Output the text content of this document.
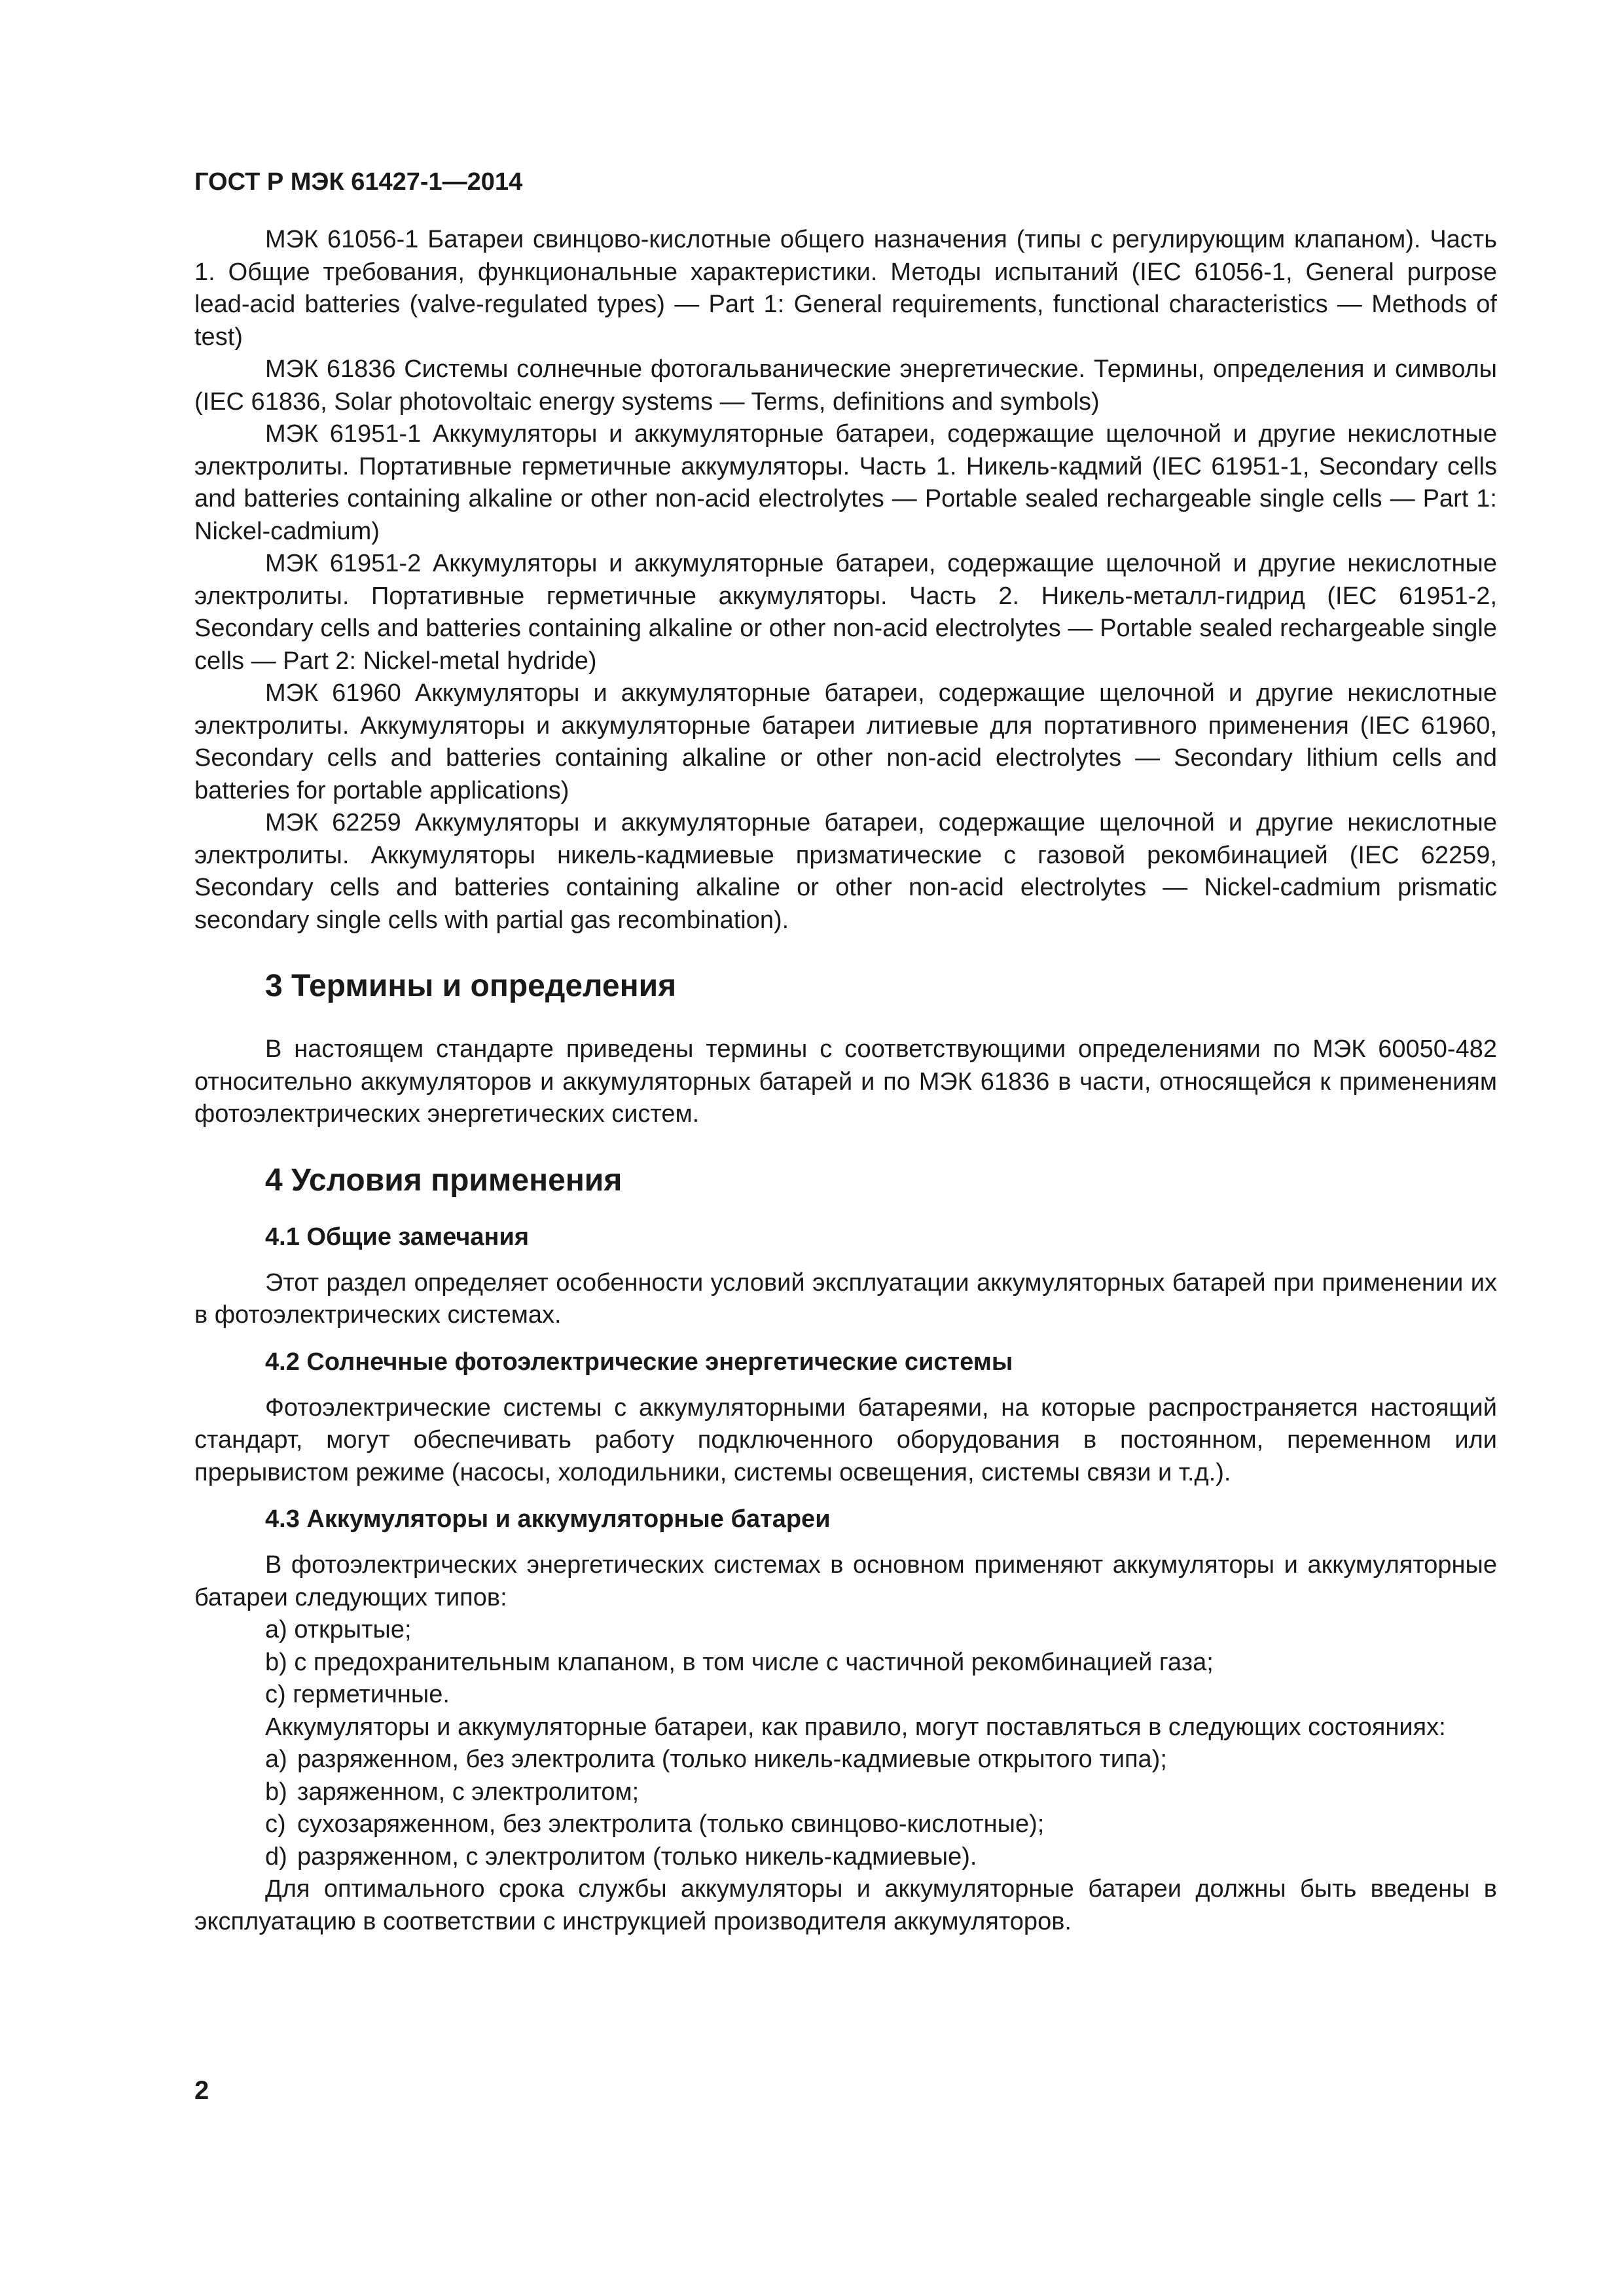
ГОСТ Р МЭК 61427-1—2014

МЭК 61056-1 Батареи свинцово-кислотные общего назначения (типы с регулирующим клапаном). Часть 1. Общие требования, функциональные характеристики. Методы испытаний (IEC 61056-1, General purpose lead-acid batteries (valve-regulated types) — Part 1: General requirements, functional characteristics — Methods of test)

МЭК 61836 Системы солнечные фотогальванические энергетические. Термины, определения и символы (IEC 61836, Solar photovoltaic energy systems — Terms, definitions and symbols)

МЭК 61951-1 Аккумуляторы и аккумуляторные батареи, содержащие щелочной и другие некислотные электролиты. Портативные герметичные аккумуляторы. Часть 1. Никель-кадмий (IEC 61951-1, Secondary cells and batteries containing alkaline or other non-acid electrolytes — Portable sealed rechargeable single cells — Part 1: Nickel-cadmium)

МЭК 61951-2 Аккумуляторы и аккумуляторные батареи, содержащие щелочной и другие некислотные электролиты. Портативные герметичные аккумуляторы. Часть 2. Никель-металл-гидрид (IEC 61951-2, Secondary cells and batteries containing alkaline or other non-acid electrolytes — Portable sealed rechargeable single cells — Part 2: Nickel-metal hydride)

МЭК 61960 Аккумуляторы и аккумуляторные батареи, содержащие щелочной и другие некислотные электролиты. Аккумуляторы и аккумуляторные батареи литиевые для портативного применения (IEC 61960, Secondary cells and batteries containing alkaline or other non-acid electrolytes — Secondary lithium cells and batteries for portable applications)

МЭК 62259 Аккумуляторы и аккумуляторные батареи, содержащие щелочной и другие некислотные электролиты. Аккумуляторы никель-кадмиевые призматические с газовой рекомбинацией (IEC 62259, Secondary cells and batteries containing alkaline or other non-acid electrolytes — Nickel-cadmium prismatic secondary single cells with partial gas recombination).

3 Термины и определения

В настоящем стандарте приведены термины с соответствующими определениями по МЭК 60050-482 относительно аккумуляторов и аккумуляторных батарей и по МЭК 61836 в части, относящейся к применениям фотоэлектрических энергетических систем.

4 Условия применения
4.1 Общие замечания

Этот раздел определяет особенности условий эксплуатации аккумуляторных батарей при применении их в фотоэлектрических системах.

4.2 Солнечные фотоэлектрические энергетические системы

Фотоэлектрические системы с аккумуляторными батареями, на которые распространяется настоящий стандарт, могут обеспечивать работу подключенного оборудования в постоянном, переменном или прерывистом режиме (насосы, холодильники, системы освещения, системы связи и т.д.).

4.3 Аккумуляторы и аккумуляторные батареи

В фотоэлектрических энергетических системах в основном применяют аккумуляторы и аккумуляторные батареи следующих типов:

a) открытые;
b) с предохранительным клапаном, в том числе с частичной рекомбинацией газа;
c) герметичные.

Аккумуляторы и аккумуляторные батареи, как правило, могут поставляться в следующих состояниях:

a) разряженном, без электролита (только никель-кадмиевые открытого типа);
b) заряженном, с электролитом;
c) сухозаряженном, без электролита (только свинцово-кислотные);
d) разряженном, с электролитом (только никель-кадмиевые).

Для оптимального срока службы аккумуляторы и аккумуляторные батареи должны быть введены в эксплуатацию в соответствии с инструкцией производителя аккумуляторов.

2
